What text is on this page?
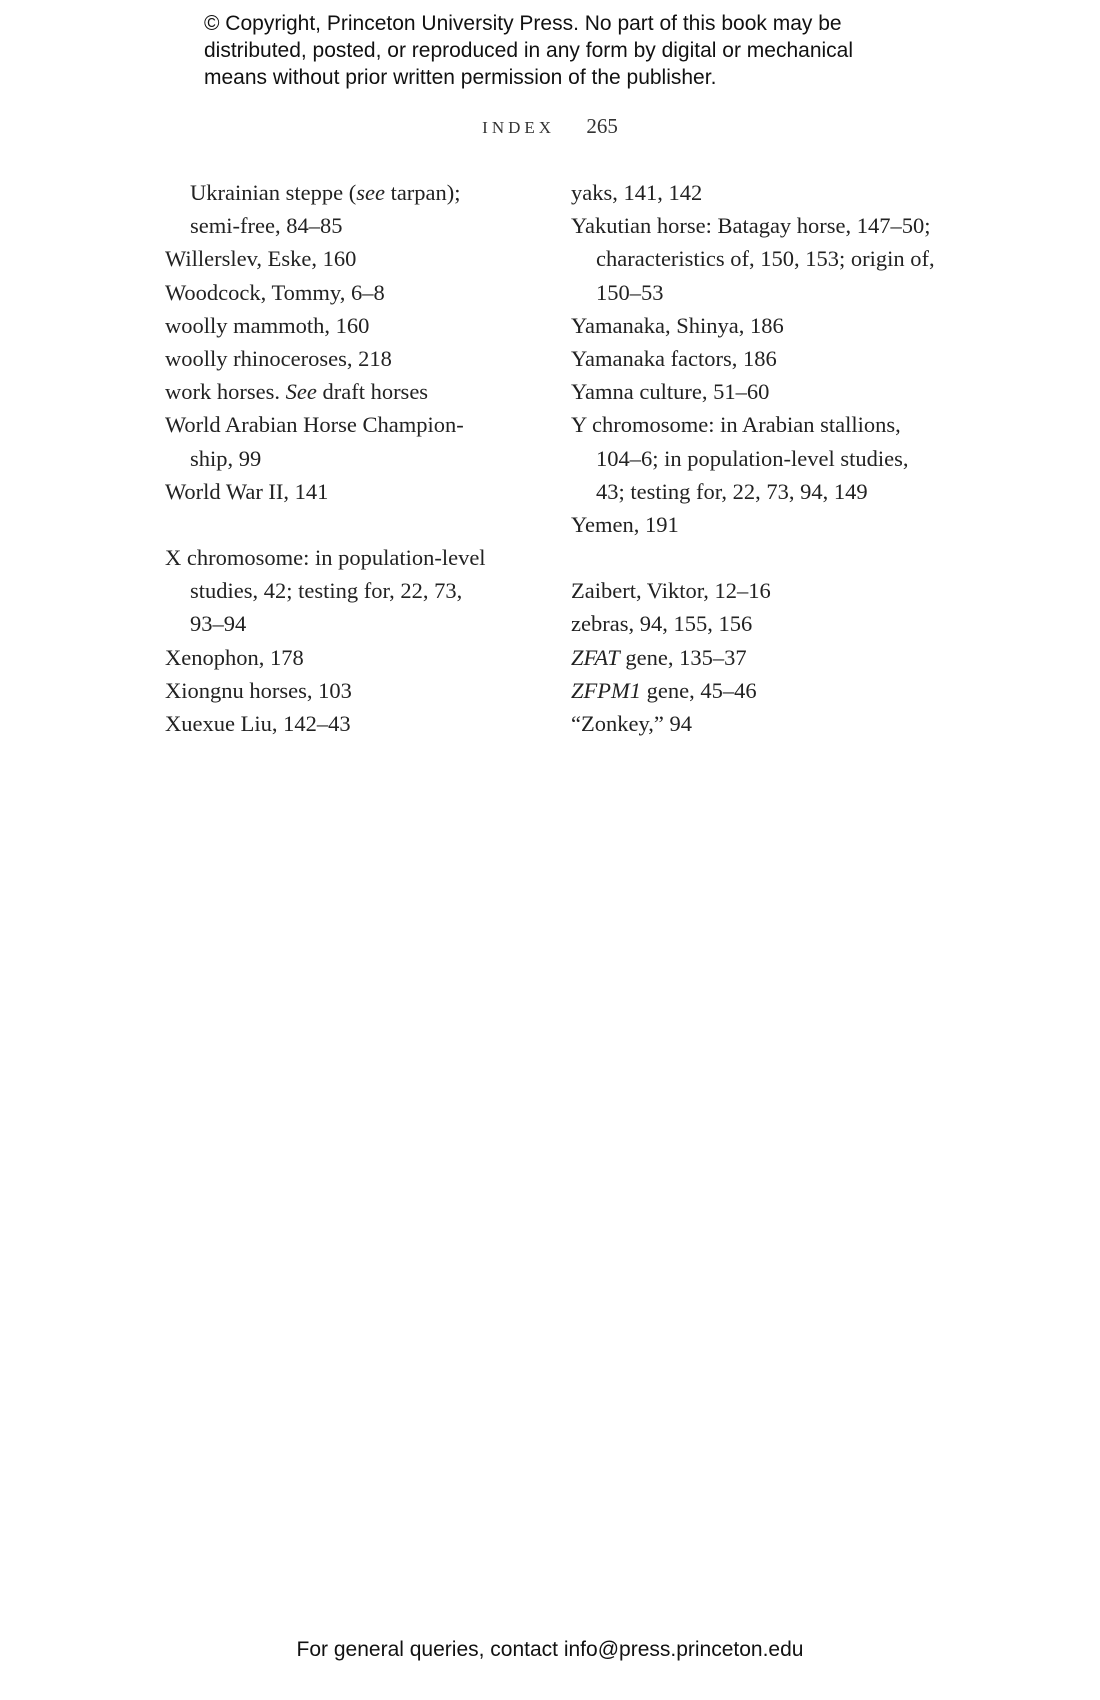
© Copyright, Princeton University Press. No part of this book may be
distributed, posted, or reproduced in any form by digital or mechanical
means without prior written permission of the publisher.
INDEX 265
Ukrainian steppe (see tarpan);
semi-free, 84–85
Willerslev, Eske, 160
Woodcock, Tommy, 6–8
woolly mammoth, 160
woolly rhinoceroses, 218
work horses. See draft horses
World Arabian Horse Champion-
ship, 99
World War II, 141
X chromosome: in population-level
studies, 42; testing for, 22, 73,
93–94
Xenophon, 178
Xiongnu horses, 103
Xuexue Liu, 142–43
yaks, 141, 142
Yakutian horse: Batagay horse, 147–50;
characteristics of, 150, 153; origin of,
150–53
Yamanaka, Shinya, 186
Yamanaka factors, 186
Yamna culture, 51–60
Y chromosome: in Arabian stallions,
104–6; in population-level studies,
43; testing for, 22, 73, 94, 149
Yemen, 191
Zaibert, Viktor, 12–16
zebras, 94, 155, 156
ZFAT gene, 135–37
ZFPM1 gene, 45–46
“Zonkey,” 94
For general queries, contact info@press.princeton.edu
